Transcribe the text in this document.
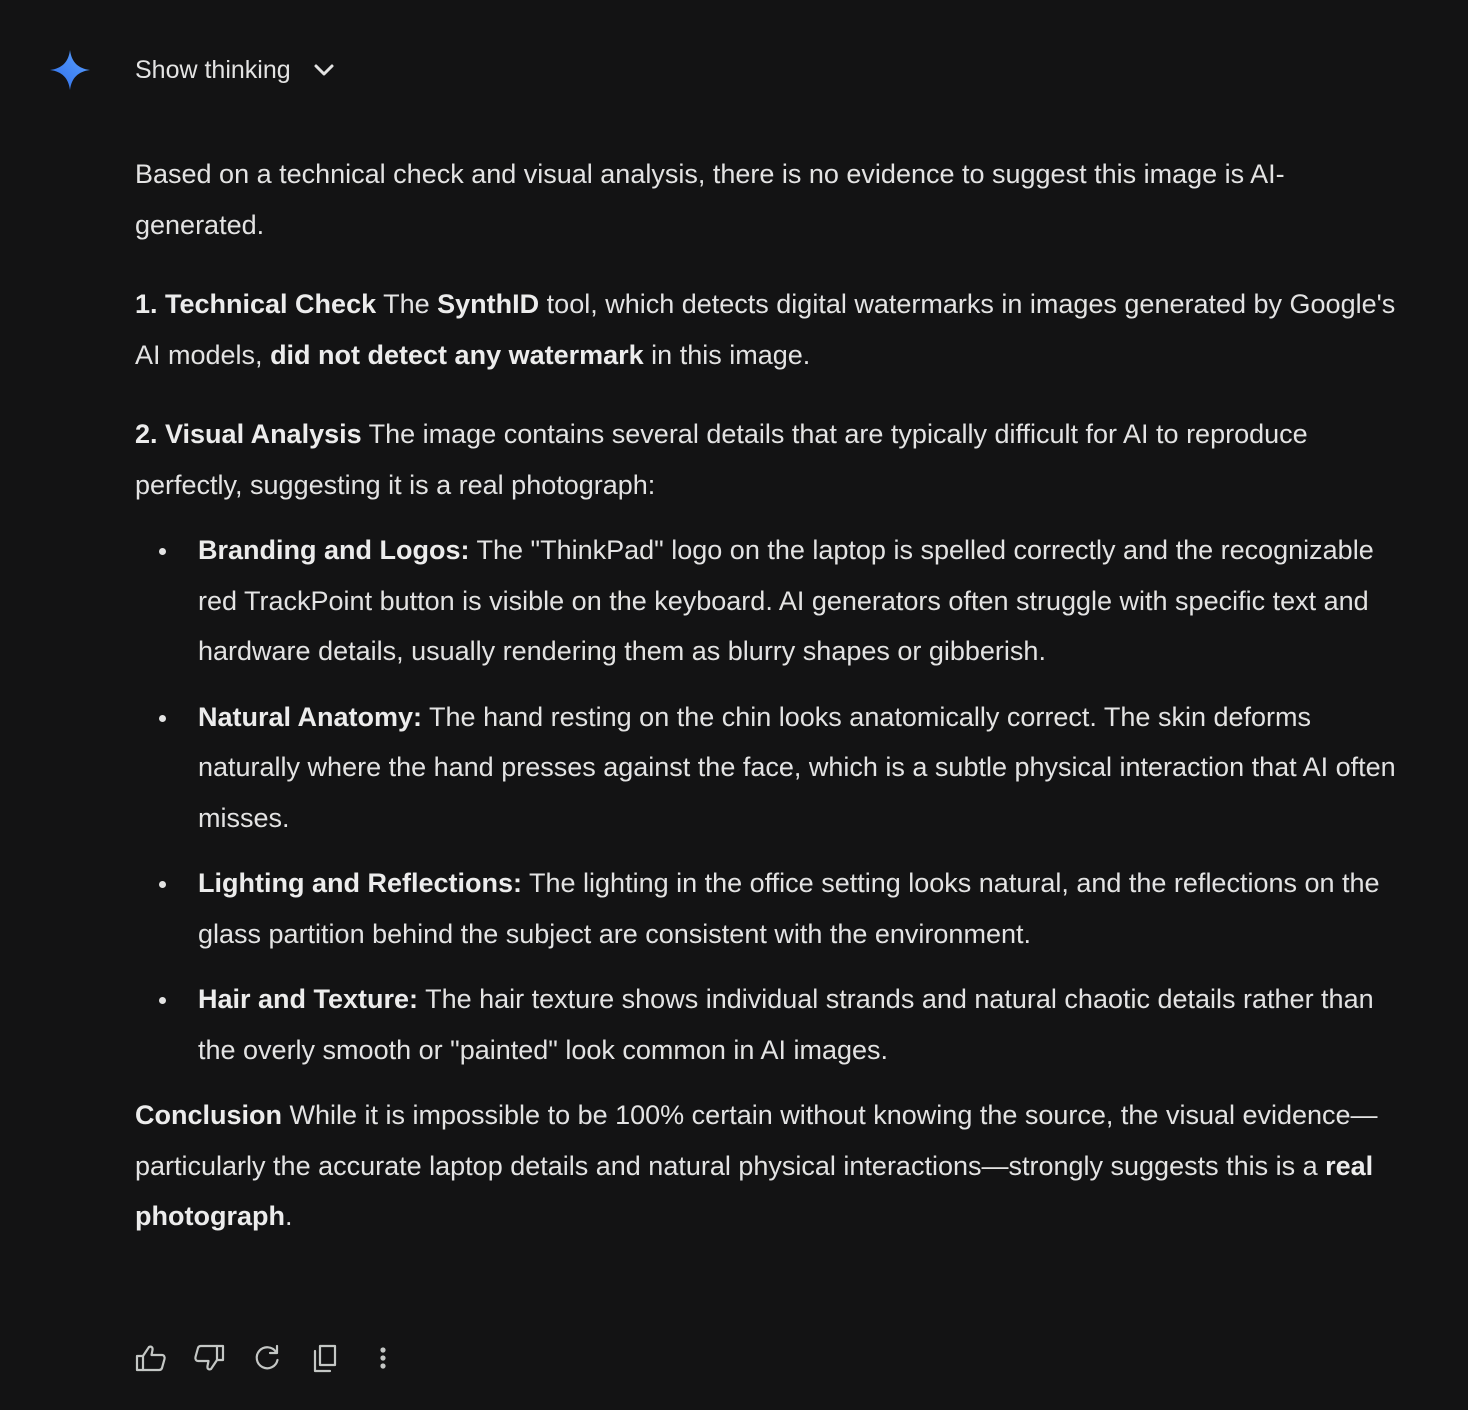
Show thinking

Based on a technical check and visual analysis, there is no evidence to suggest this image is AI-generated.

1. Technical Check The SynthID tool, which detects digital watermarks in images generated by Google's AI models, did not detect any watermark in this image.

2. Visual Analysis The image contains several details that are typically difficult for AI to reproduce perfectly, suggesting it is a real photograph:

Branding and Logos: The "ThinkPad" logo on the laptop is spelled correctly and the recognizable red TrackPoint button is visible on the keyboard. AI generators often struggle with specific text and hardware details, usually rendering them as blurry shapes or gibberish.
Natural Anatomy: The hand resting on the chin looks anatomically correct. The skin deforms naturally where the hand presses against the face, which is a subtle physical interaction that AI often misses.
Lighting and Reflections: The lighting in the office setting looks natural, and the reflections on the glass partition behind the subject are consistent with the environment.
Hair and Texture: The hair texture shows individual strands and natural chaotic details rather than the overly smooth or "painted" look common in AI images.

Conclusion While it is impossible to be 100% certain without knowing the source, the visual evidence—particularly the accurate laptop details and natural physical interactions—strongly suggests this is a real photograph.
